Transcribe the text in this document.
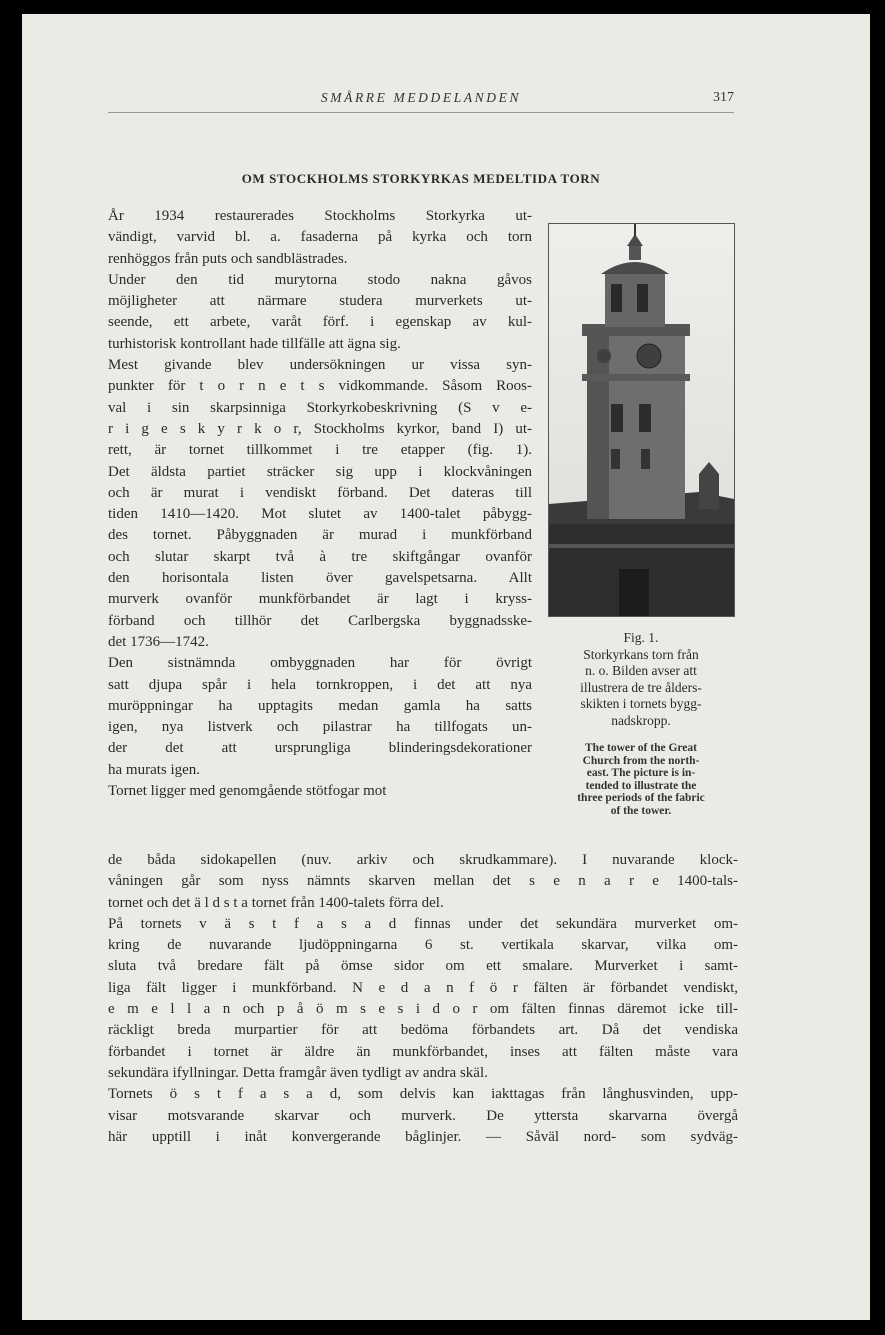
SMÅRRE MEDDELANDEN	317
OM STOCKHOLMS STORKYRKAS MEDELTIDA TORN
År 1934 restaurerades Stockholms Storkyrka ut-
vändigt, varvid bl. a. fasaderna på kyrka och torn
renhöggos från puts och sandblästrades.
Under den tid murytorna stodo nakna gåvos
möjligheter att närmare studera murverkets ut-
seende, ett arbete, varåt förf. i egenskap av kul-
turhistorisk kontrollant hade tillfälle att ägna sig.
Mest givande blev undersökningen ur vissa syn-
punkter för t o r n e t s vidkommande. Såsom Roos-
val i sin skarpsinniga Storkyrkobeskrivning (S v e-
r i g e s k y r k o r, Stockholms kyrkor, band I) ut-
rett, är tornet tillkommet i tre etapper (fig. 1).
Det äldsta partiet sträcker sig upp i klockvåningen
och är murat i vendiskt förband. Det dateras till
tiden 1410—1420. Mot slutet av 1400-talet påbygg-
des tornet. Påbyggnaden är murad i munkförband
och slutar skarpt två à tre skiftgångar ovanför
den horisontala listen över gavelspetsarna. Allt
murverk ovanför munkförbandet är lagt i kryss-
förband och tillhör det Carlbergska byggnadsske-
det 1736—1742.
Den sistnämnda ombyggnaden har för övrigt
satt djupa spår i hela tornkroppen, i det att nya
muröppningar ha upptagits medan gamla ha satts
igen, nya listverk och pilastrar ha tillfogats un-
der det att ursprungliga blinderingsdekorationer
ha murats igen.
Tornet ligger med genomgående stötfogar mot
de båda sidokapellen (nuv. arkiv och skrudkammare). I nuvarande klock-
våningen går som nyss nämnts skarven mellan det s e n a r e 1400-tals-
tornet och det ä l d s t a tornet från 1400-talets förra del.
På tornets v ä s t f a s a d finnas under det sekundära murverket om-
kring de nuvarande ljudöppningarna 6 st. vertikala skarvar, vilka om-
sluta två bredare fält på ömse sidor om ett smalare. Murverket i samt-
liga fält ligger i munkförband. N e d a n f ö r fälten är förbandet vendiskt,
e m e l l a n och p å ö m s e s i d o r om fälten finnas däremot icke till-
räckligt breda murpartier för att bedöma förbandets art. Då det vendiska
förbandet i tornet är äldre än munkförbandet, inses att fälten måste vara
sekundära ifyllningar. Detta framgår även tydligt av andra skäl.
Tornets ö s t f a s a d, som delvis kan iakttagas från långhusvinden, upp-
visar motsvarande skarvar och murverk. De yttersta skarvarna övergå
här upptill i inåt konvergerande båglinjer. — Såväl nord- som sydväg-
Fig. 1.
Storkyrkans torn från
n. o. Bilden avser att
illustrera de tre ålders-
skikten i tornets bygg-
nadskropp.
The tower of the Great
Church from the north-
east. The picture is in-
tended to illustrate the
three periods of the fabric
of the tower.
